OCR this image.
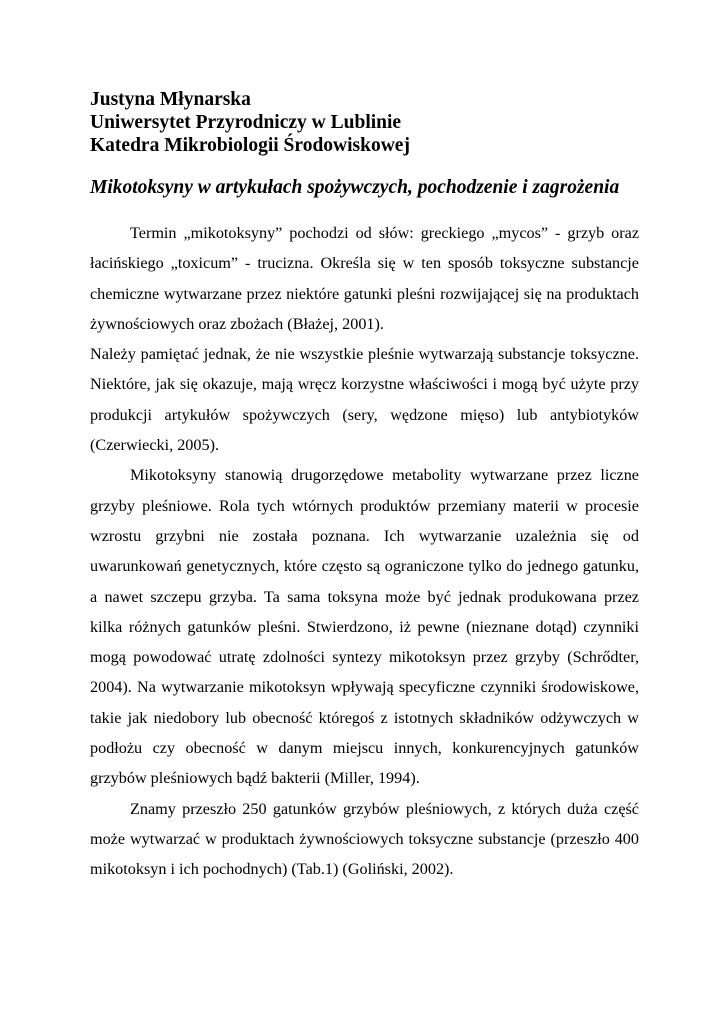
Justyna Młynarska
Uniwersytet Przyrodniczy w Lublinie
Katedra Mikrobiologii Środowiskowej
Mikotoksyny w artykułach spożywczych, pochodzenie i zagrożenia

Termin „mikotoksyny” pochodzi od słów: greckiego „mycos” - grzyb oraz łacińskiego „toxicum” - trucizna. Określa się w ten sposób toksyczne substancje chemiczne wytwarzane przez niektóre gatunki pleśni rozwijającej się na produktach żywnościowych oraz zbożach (Błażej, 2001).

Należy pamiętać jednak, że nie wszystkie pleśnie wytwarzają substancje toksyczne. Niektóre, jak się okazuje, mają wręcz korzystne właściwości i mogą być użyte przy produkcji artykułów spożywczych (sery, wędzone mięso) lub antybiotyków (Czerwiecki, 2005).

Mikotoksyny stanowią drugorzędowe metabolity wytwarzane przez liczne grzyby pleśniowe. Rola tych wtórnych produktów przemiany materii w procesie wzrostu grzybni nie została poznana. Ich wytwarzanie uzależnia się od uwarunkowań genetycznych, które często są ograniczone tylko do jednego gatunku, a nawet szczepu grzyba. Ta sama toksyna może być jednak produkowana przez kilka różnych gatunków pleśni. Stwierdzono, iż pewne (nieznane dotąd) czynniki mogą powodować utratę zdolności syntezy mikotoksyn przez grzyby (Schrődter, 2004). Na wytwarzanie mikotoksyn wpływają specyficzne czynniki środowiskowe, takie jak niedobory lub obecność któregoś z istotnych składników odżywczych w podłożu czy obecność w danym miejscu innych, konkurencyjnych gatunków grzybów pleśniowych bądź bakterii (Miller, 1994).

Znamy przeszło 250 gatunków grzybów pleśniowych, z których duża część może wytwarzać w produktach żywnościowych toksyczne substancje (przeszło 400 mikotoksyn i ich pochodnych) (Tab.1) (Goliński, 2002).
